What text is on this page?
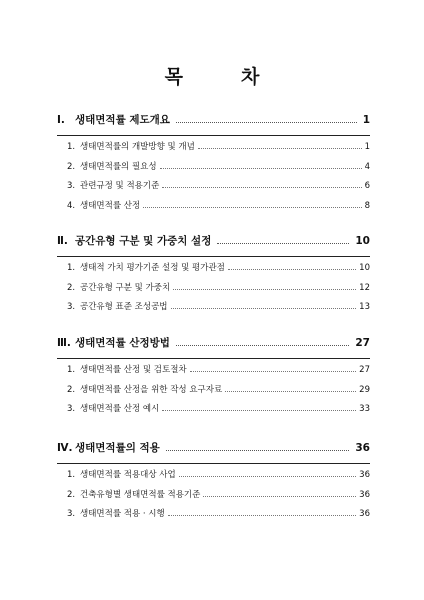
목	차
Ⅰ. 생태면적률 제도개요	1
1. 생태면적률의 개발방향 및 개념	1
2. 생태면적률의 필요성	4
3. 관련규정 및 적용기준	6
4. 생태면적률 산정	8
Ⅱ. 공간유형 구분 및 가중치 설정	10
1. 생태적 가치 평가기준 설정 및 평가관점	10
2. 공간유형 구분 및 가중치	12
3. 공간유형 표준 조성공법	13
Ⅲ. 생태면적률 산정방법	27
1. 생태면적률 산정 및 검토절차	27
2. 생태면적률 산정을 위한 작성 요구자료	29
3. 생태면적률 산정 예시	33
Ⅳ. 생태면적률의 적용	36
1. 생태면적률 적용대상 사업	36
2. 건축유형별 생태면적률 적용기준	36
3. 생태면적률 적용 · 시행	36
